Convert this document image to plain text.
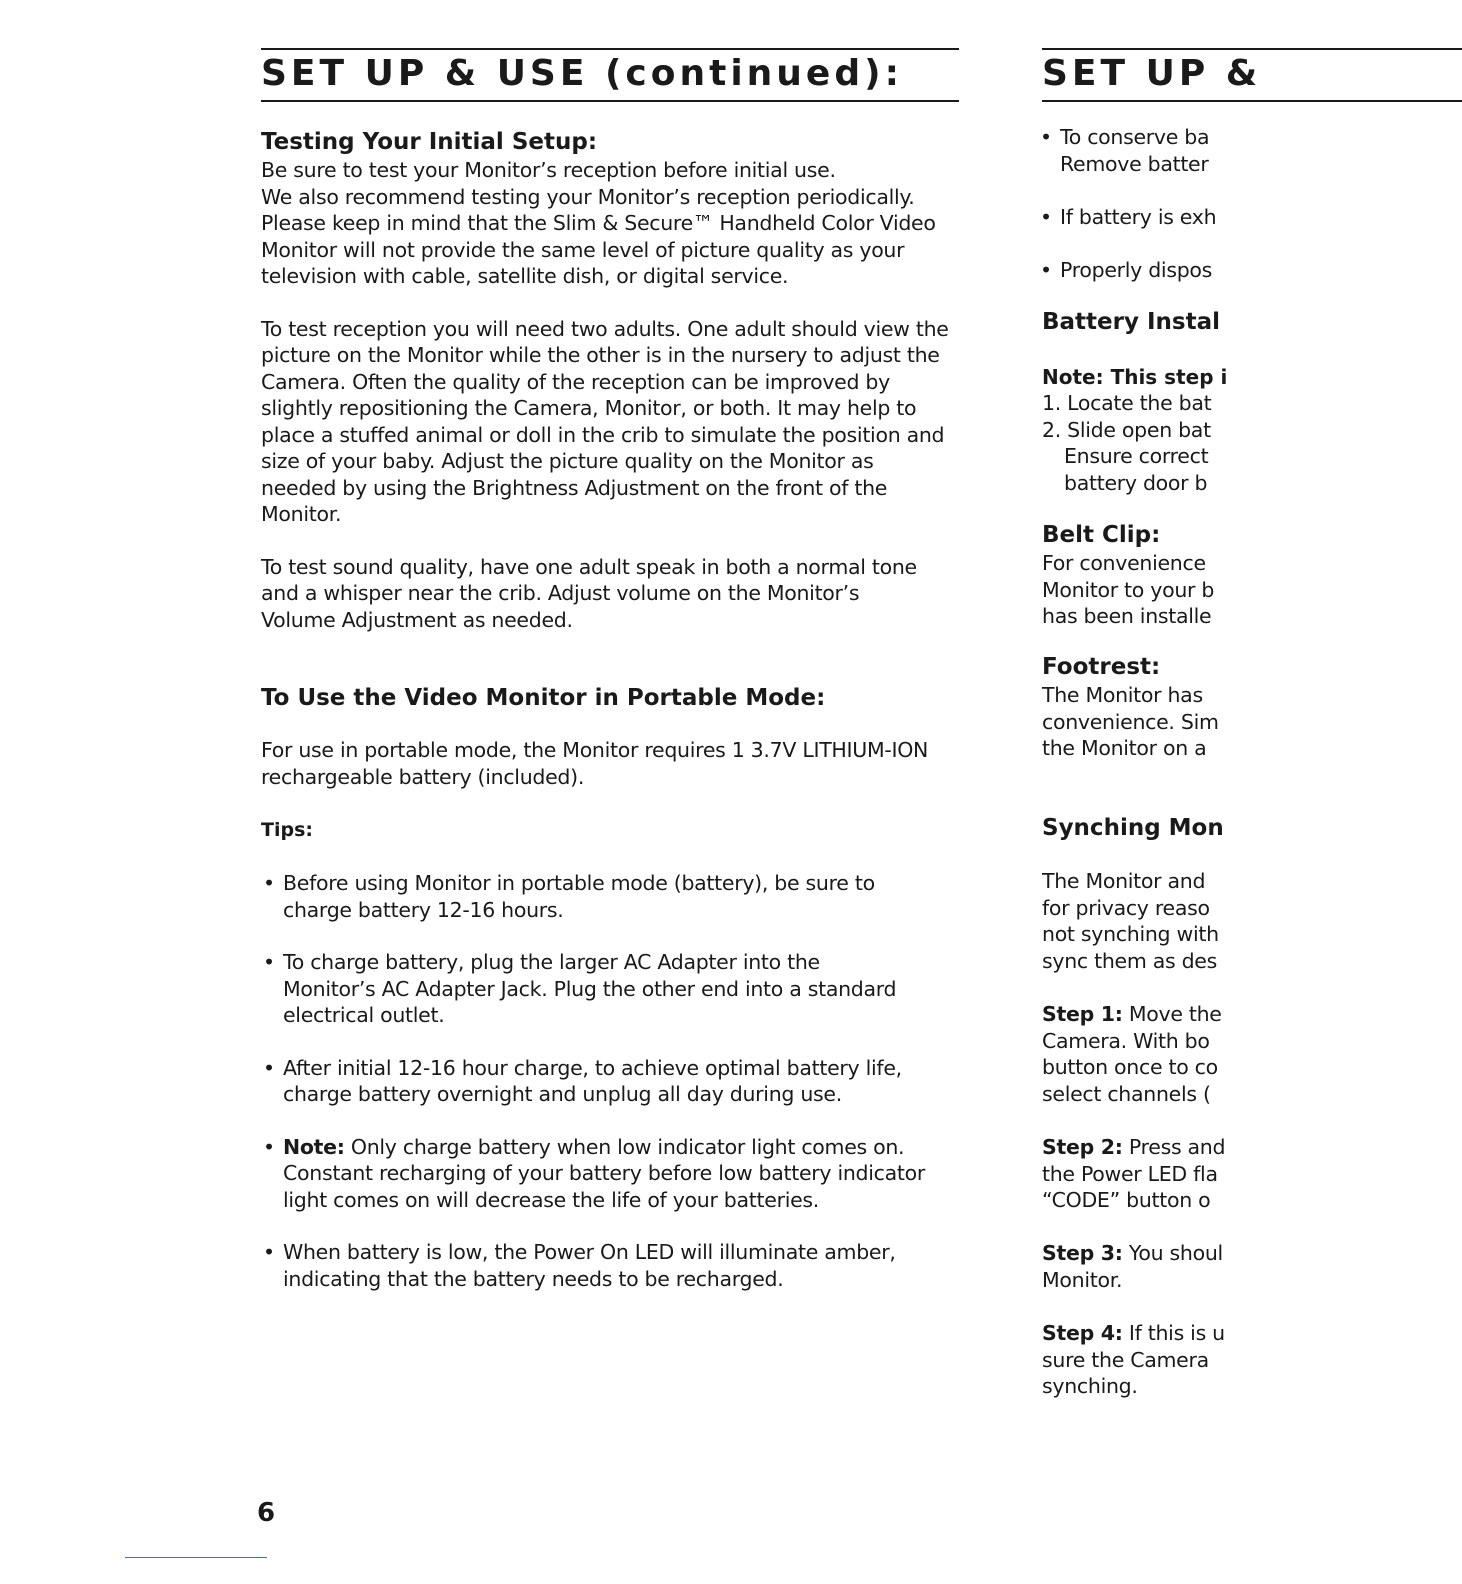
SET UP & USE (continued):
Testing Your Initial Setup:
Be sure to test your Monitor’s reception before initial use.
We also recommend testing your Monitor’s reception periodically.
Please keep in mind that the Slim & Secure™ Handheld Color Video
Monitor will not provide the same level of picture quality as your
television with cable, satellite dish, or digital service.
To test reception you will need two adults. One adult should view the
picture on the Monitor while the other is in the nursery to adjust the
Camera. Often the quality of the reception can be improved by
slightly repositioning the Camera, Monitor, or both. It may help to
place a stuffed animal or doll in the crib to simulate the position and
size of your baby. Adjust the picture quality on the Monitor as
needed by using the Brightness Adjustment on the front of the
Monitor.
To test sound quality, have one adult speak in both a normal tone
and a whisper near the crib. Adjust volume on the Monitor’s
Volume Adjustment as needed.
To Use the Video Monitor in Portable Mode:
For use in portable mode, the Monitor requires 1 3.7V LITHIUM-ION
rechargeable battery (included).
Tips:
• Before using Monitor in portable mode (battery), be sure to
charge battery 12-16 hours.
• To charge battery, plug the larger AC Adapter into the
Monitor’s AC Adapter Jack. Plug the other end into a standard
electrical outlet.
• After initial 12-16 hour charge, to achieve optimal battery life,
charge battery overnight and unplug all day during use.
• Note: Only charge battery when low indicator light comes on.
Constant recharging of your battery before low battery indicator
light comes on will decrease the life of your batteries.
• When battery is low, the Power On LED will illuminate amber,
indicating that the battery needs to be recharged.
SET UP &
• To conserve ba
Remove batter
• If battery is exh
• Properly dispos
Battery Instal
Note: This step i
1. Locate the bat
2. Slide open bat
Ensure correct
battery door b
Belt Clip:
For convenience
Monitor to your b
has been installe
Footrest:
The Monitor has
convenience. Sim
the Monitor on a
Synching Mon
The Monitor and
for privacy reaso
not synching with
sync them as des
Step 1: Move the
Camera. With bo
button once to co
select channels (
Step 2: Press and
the Power LED fla
“CODE” button o
Step 3: You shoul
Monitor.
Step 4: If this is u
sure the Camera
synching.
6
